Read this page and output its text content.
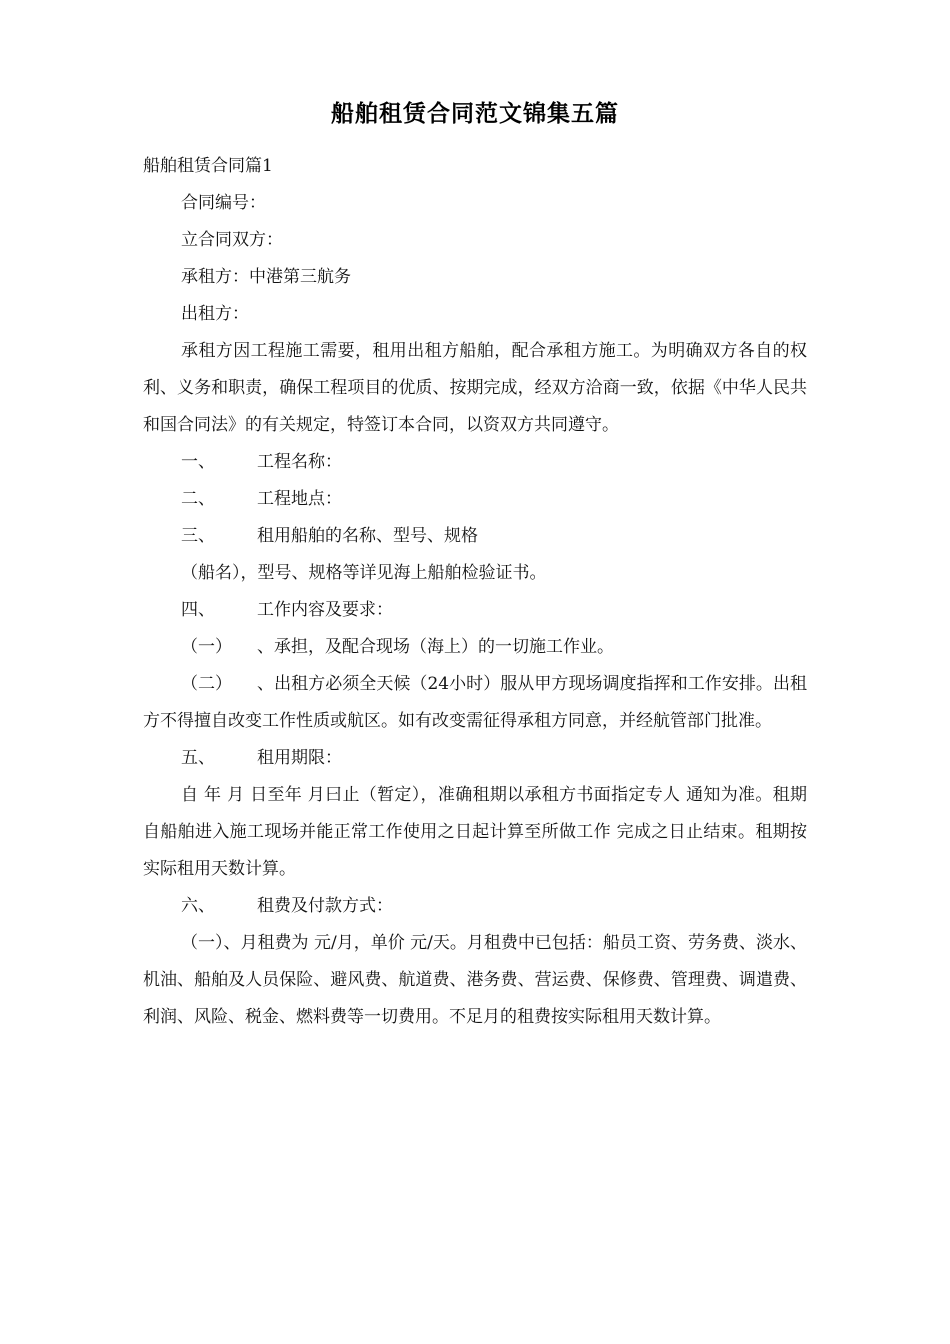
船舶租赁合同范文锦集五篇
船舶租赁合同篇1
合同编号：
立合同双方：
承租方：中港第三航务
出租方：
承租方因工程施工需要，租用出租方船舶，配合承租方施工。为明确双方各自的权利、义务和职责，确保工程项目的优质、按期完成，经双方洽商一致，依据《中华人民共和国合同法》的有关规定，特签订本合同，以资双方共同遵守。
一、 工程名称：
二、 工程地点：
三、 租用船舶的名称、型号、规格
（船名），型号、规格等详见海上船舶检验证书。
四、 工作内容及要求：
（一） 、承担，及配合现场（海上）的一切施工作业。
（二） 、出租方必须全天候（24小时）服从甲方现场调度指挥和工作安排。出租方不得擅自改变工作性质或航区。如有改变需征得承租方同意，并经航管部门批准。
五、 租用期限：
自 年 月 日至年 月曰止（暂定），准确租期以承租方书面指定专人 通知为准。租期自船舶进入施工现场并能正常工作使用之日起计算至所做工作 完成之日止结束。租期按实际租用天数计算。
六、 租费及付款方式：
（一）、月租费为 元/月，单价 元/天。月租费中已包括：船员工资、劳务费、淡水、机油、船舶及人员保险、避风费、航道费、港务费、营运费、保修费、管理费、调遣费、利润、风险、税金、燃料费等一切费用。不足月的租费按实际租用天数计算。
